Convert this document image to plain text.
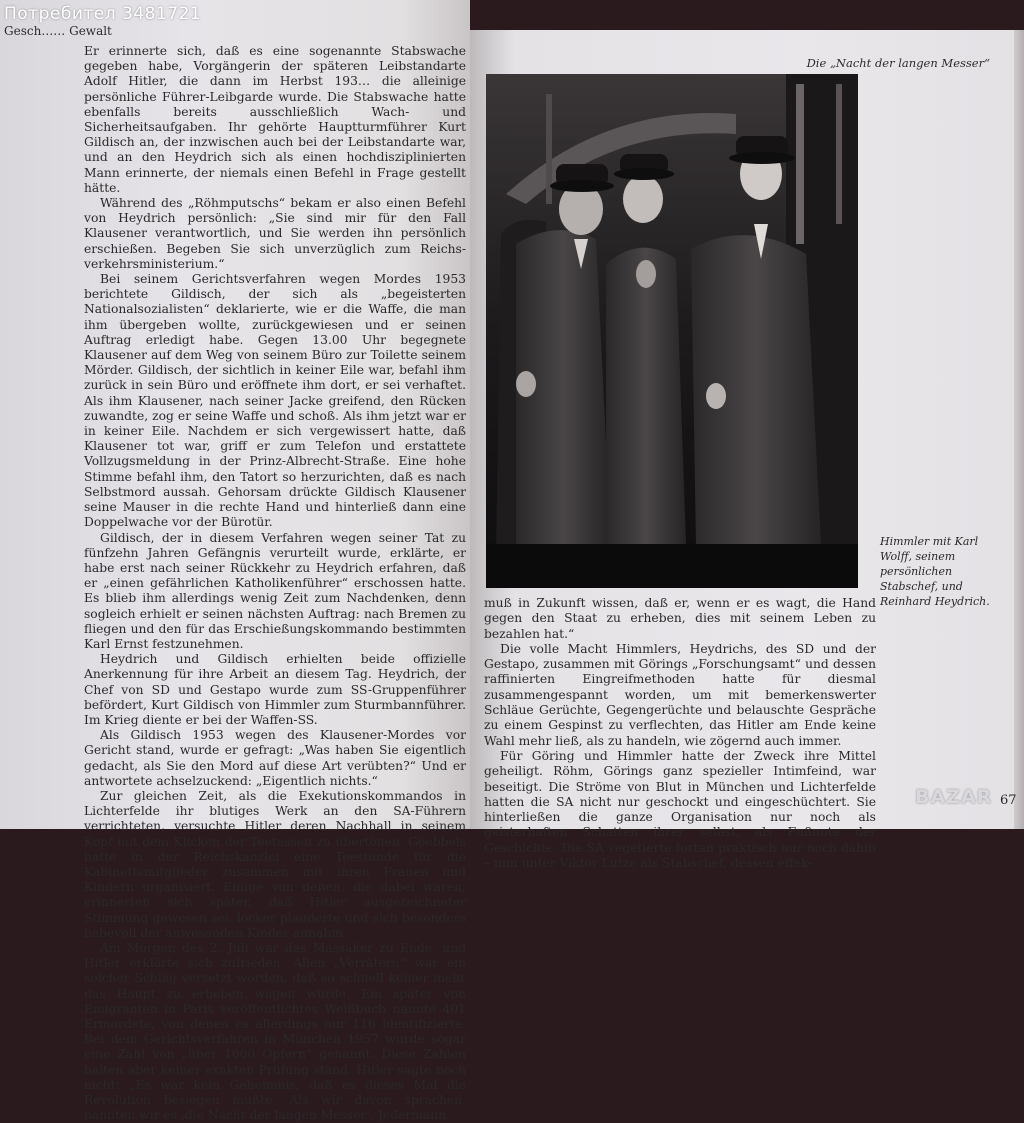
Gesch…… Gewalt

Er erinnerte sich, daß es eine sogenannte Stabswache gegeben habe, Vorgängerin der späteren Leibstandarte Adolf Hitler, die dann im Herbst 193… die alleinige persönliche Führer-Leibgarde wurde. Die Stabswache hatte ebenfalls bereits ausschließlich Wach- und Sicherheitsaufgaben. Ihr gehörte Hauptturmführer Kurt Gildisch an, der inzwischen auch bei der Leibstandarte war, und an den Heydrich sich als einen hochdisziplinierten Mann erinnerte, der niemals einen Befehl in Frage gestellt hätte.

Während des „Röhmputschs“ bekam er also einen Befehl von Heydrich persönlich: „Sie sind mir für den Fall Klausener verantwortlich, und Sie werden ihn persönlich erschießen. Begeben Sie sich unverzüglich zum Reichsverkehrsministerium.“

Bei seinem Gerichtsverfahren wegen Mordes 1953 berichtete Gildisch, der sich als „begeisterten Nationalsozialisten“ deklarierte, wie er die Waffe, die man ihm übergeben wollte, zurückgewiesen und er seinen Auftrag erledigt habe. Gegen 13.00 Uhr begegnete Klausener auf dem Weg von seinem Büro zur Toilette seinem Mörder. Gildisch, der sichtlich in keiner Eile war, befahl ihm zurück in sein Büro und eröffnete ihm dort, er sei verhaftet. Als ihm Klausener, nach seiner Jacke greifend, den Rücken zuwandte, zog er seine Waffe und schoß. Als ihm jetzt war er in keiner Eile. Nachdem er sich vergewissert hatte, daß Klausener tot war, griff er zum Telefon und erstattete Vollzugsmeldung in der Prinz-Albrecht-Straße. Eine hohe Stimme befahl ihm, den Tatort so herzurichten, daß es nach Selbstmord aussah. Gehorsam drückte Gildisch Klausener seine Mauser in die rechte Hand und hinterließ dann eine Doppelwache vor der Bürotür.

Gildisch, der in diesem Verfahren wegen seiner Tat zu fünfzehn Jahren Gefängnis verurteilt wurde, erklärte, er habe erst nach seiner Rückkehr zu Heydrich erfahren, daß er „einen gefährlichen Katholikenführer“ erschossen hatte. Es blieb ihm allerdings wenig Zeit zum Nachdenken, denn sogleich erhielt er seinen nächsten Auftrag: nach Bremen zu fliegen und den für das Erschießungskommando bestimmten Karl Ernst festzunehmen.

Heydrich und Gildisch erhielten beide offizielle Anerkennung für ihre Arbeit an diesem Tag. Heydrich, der Chef von SD und Gestapo wurde zum SS-Gruppenführer befördert, Kurt Gildisch von Himmler zum Sturmbannführer. Im Krieg diente er bei der Waffen-SS.

Als Gildisch 1953 wegen des Klausener-Mordes vor Gericht stand, wurde er gefragt: „Was haben Sie eigentlich gedacht, als Sie den Mord auf diese Art verübten?“ Und er antwortete achselzuckend: „Eigentlich nichts.“

Zur gleichen Zeit, als die Exekutionskommandos in Lichterfelde ihr blutiges Werk an den SA-Führern verrichteten, versuchte Hitler deren Nachhall in seinem Kopf mit dem Klicken der Teetassen zu übertönen. Goebbels hatte in der Reichskanzlei eine Teestunde für die Kabinettsmitglieder zusammen mit ihren Frauen und Kindern organisiert. Einige von denen, die dabei waren, erinnerten sich später, daß Hitler ausgezeichneter Stimmung gewesen sei, locker plauderte und sich besonders liebevoll der anwesenden Kinder annahm.

Am Morgen des 2. Juli war das Massaker zu Ende, und Hitler erklärte sich zufrieden. Allen „Verrätern“ war ein solcher Schlag versetzt worden, daß so schnell keiner mehr das Haupt zu erheben wagen würde. Ein später von Emigranten in Paris veröffentlichtes Weißbuch nannte 401 Ermordete, von denen es allerdings nur 116 identifizierte. Bei dem Gerichtsverfahren in München 1957 wurde sogar eine Zahl von „über 1000 Opfern“ genannt. Diese Zahlen halten aber keiner exakten Prüfung stand. Hitler sagte noch nicht: „Es war kein Geheimnis, daß es dieses Mal die Revolution besiegen mußte. Als wir davon sprachen, nannten wir es ‚die Nacht der langen Messer‘. Jedermann

Die „Nacht der langen Messer“
Himmler mit Karl Wolff, seinem persönlichen Stabschef, und Reinhard Heydrich.

muß in Zukunft wissen, daß er, wenn er es wagt, die Hand gegen den Staat zu erheben, dies mit seinem Leben zu bezahlen hat.“

Die volle Macht Himmlers, Heydrichs, des SD und der Gestapo, zusammen mit Görings „Forschungsamt“ und dessen raffinierten Eingreifmethoden hatte für diesmal zusammengespannt worden, um mit bemerkenswerter Schläue Gerüchte, Gegengerüchte und belauschte Gespräche zu einem Gespinst zu verflechten, das Hitler am Ende keine Wahl mehr ließ, als zu handeln, wie zögernd auch immer.

Für Göring und Himmler hatte der Zweck ihre Mittel geheiligt. Röhm, Görings ganz spezieller Intimfeind, war beseitigt. Die Ströme von Blut in München und Lichterfelde hatten die SA nicht nur geschockt und eingeschüchtert. Sie hinterließen die ganze Organisation nur noch als geisterhaften Schatten ihrer selbst, als Fußnote der Geschichte. Die SA vegetierte fortan praktisch nur noch dahin – nun unter Viktor Lutze als Stabschef, dessen effek-

67
BAZAR
Потребител 3481721
